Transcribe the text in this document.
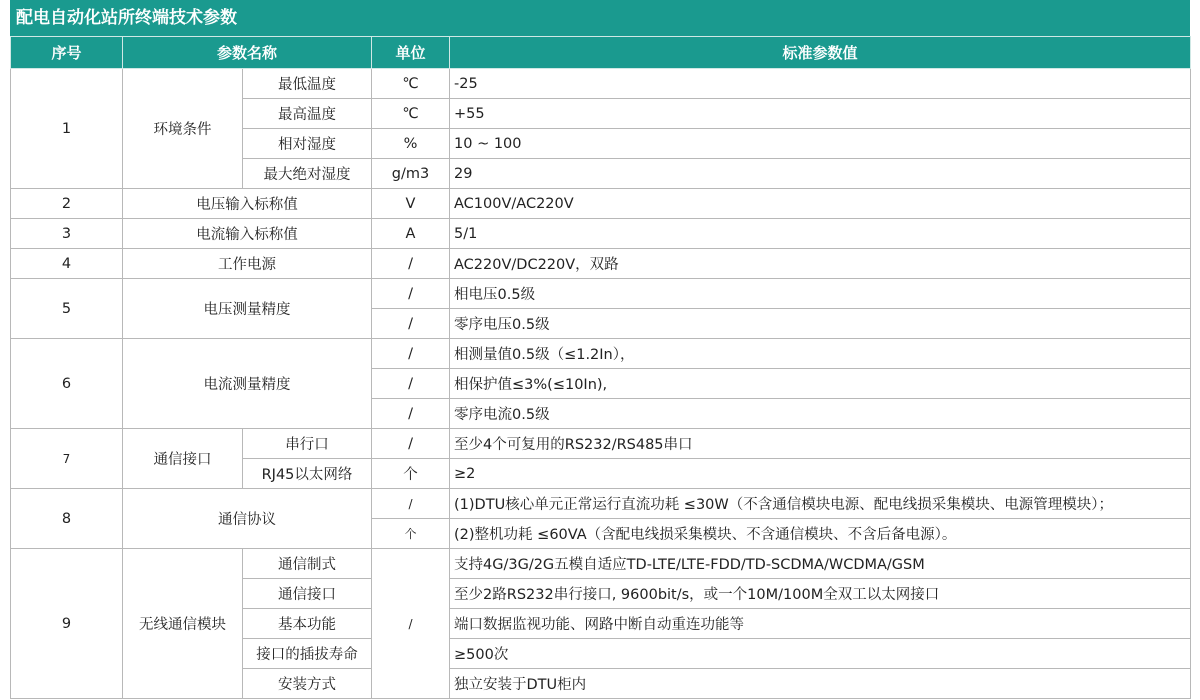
配电自动化站所终端技术参数
序号	参数名称		单位	标准参数值
1	环境条件	最低温度	℃	-25
		最高温度	℃	+55
		相对湿度	%	10 ~ 100
		最大绝对湿度	g/m3	29
2	电压输入标称值		V	AC100V/AC220V
3	电流输入标称值		A	5/1
4	工作电源		/	AC220V/DC220V，双路
5	电压测量精度		/	相电压0.5级
			/	零序电压0.5级
6	电流测量精度		/	相测量值0.5级（≤1.2In），
			/	相保护值≤3%(≤10In),
			/	零序电流0.5级
7	通信接口	串行口	/	至少4个可复用的RS232/RS485串口
		RJ45以太网络	个	≥2
8	通信协议		/	(1)DTU核心单元正常运行直流功耗 ≤30W（不含通信模块电源、配电线损采集模块、电源管理模块）；
			个	(2)整机功耗 ≤60VA（含配电线损采集模块、不含通信模块、不含后备电源）。
9	无线通信模块	通信制式	/	支持4G/3G/2G五模自适应TD-LTE/LTE-FDD/TD-SCDMA/WCDMA/GSM
		通信接口		至少2路RS232串行接口, 9600bit/s，或一个10M/100M全双工以太网接口
		基本功能		端口数据监视功能、网路中断自动重连功能等
		接口的插拔寿命		≥500次
		安装方式		独立安装于DTU柜内
